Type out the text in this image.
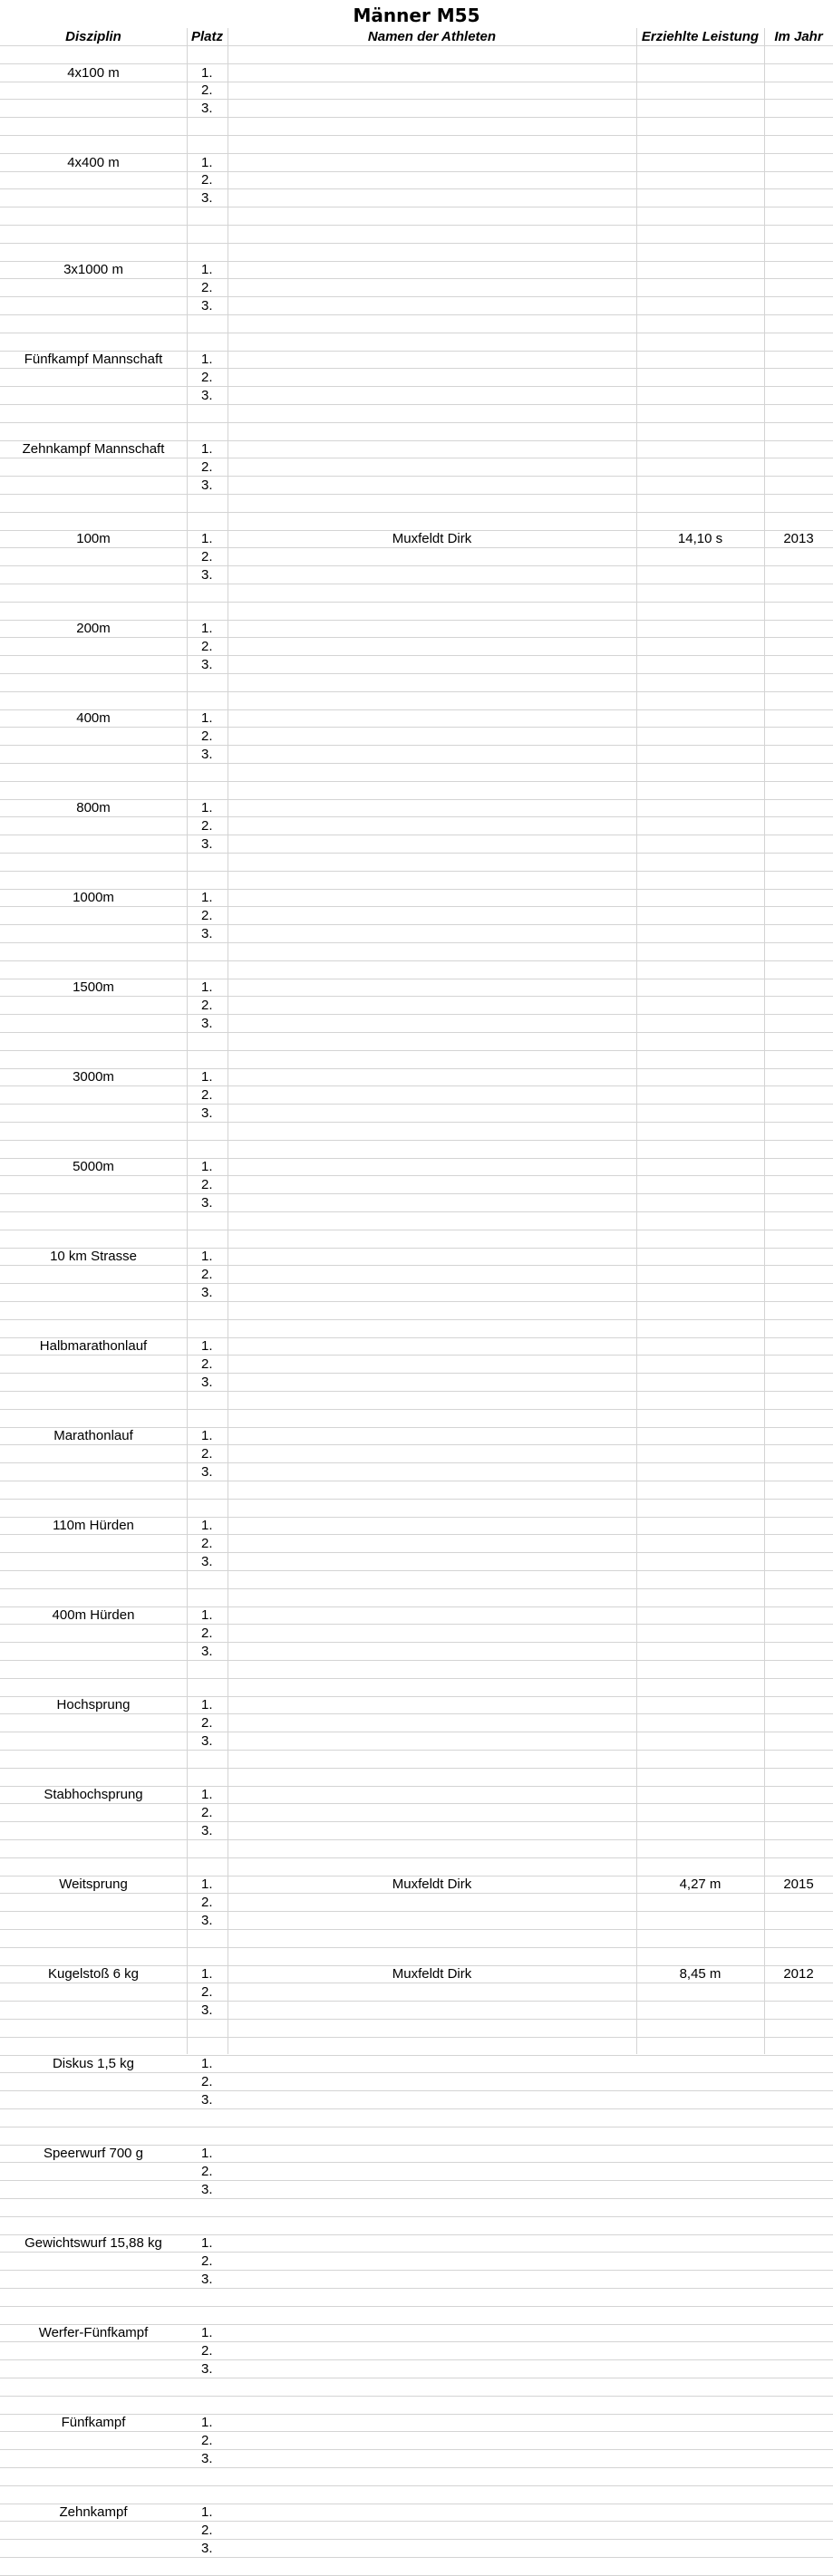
Männer M55
Disziplin	Platz	Namen der Athleten	Erziehlte Leistung	Im Jahr
4x100 m	1.
2.
3.
4x400 m	1.
2.
3.
3x1000 m	1.
2.
3.
Fünfkampf Mannschaft	1.
2.
3.
Zehnkampf Mannschaft	1.
2.
3.
100m	1.	Muxfeldt Dirk	14,10 s	2013
2.
3.
200m	1.
2.
3.
400m	1.
2.
3.
800m	1.
2.
3.
1000m	1.
2.
3.
1500m	1.
2.
3.
3000m	1.
2.
3.
5000m	1.
2.
3.
10 km Strasse	1.
2.
3.
Halbmarathonlauf	1.
2.
3.
Marathonlauf	1.
2.
3.
110m Hürden	1.
2.
3.
400m Hürden	1.
2.
3.
Hochsprung	1.
2.
3.
Stabhochsprung	1.
2.
3.
Weitsprung	1.	Muxfeldt Dirk	4,27 m	2015
2.
3.
Kugelstoß 6 kg	1.	Muxfeldt Dirk	8,45 m	2012
2.
3.
Diskus 1,5 kg	1.
2.
3.
Speerwurf 700 g	1.
2.
3.
Gewichtswurf 15,88 kg	1.
2.
3.
Werfer-Fünfkampf	1.
2.
3.
Fünfkampf	1.
2.
3.
Zehnkampf	1.
2.
3.
